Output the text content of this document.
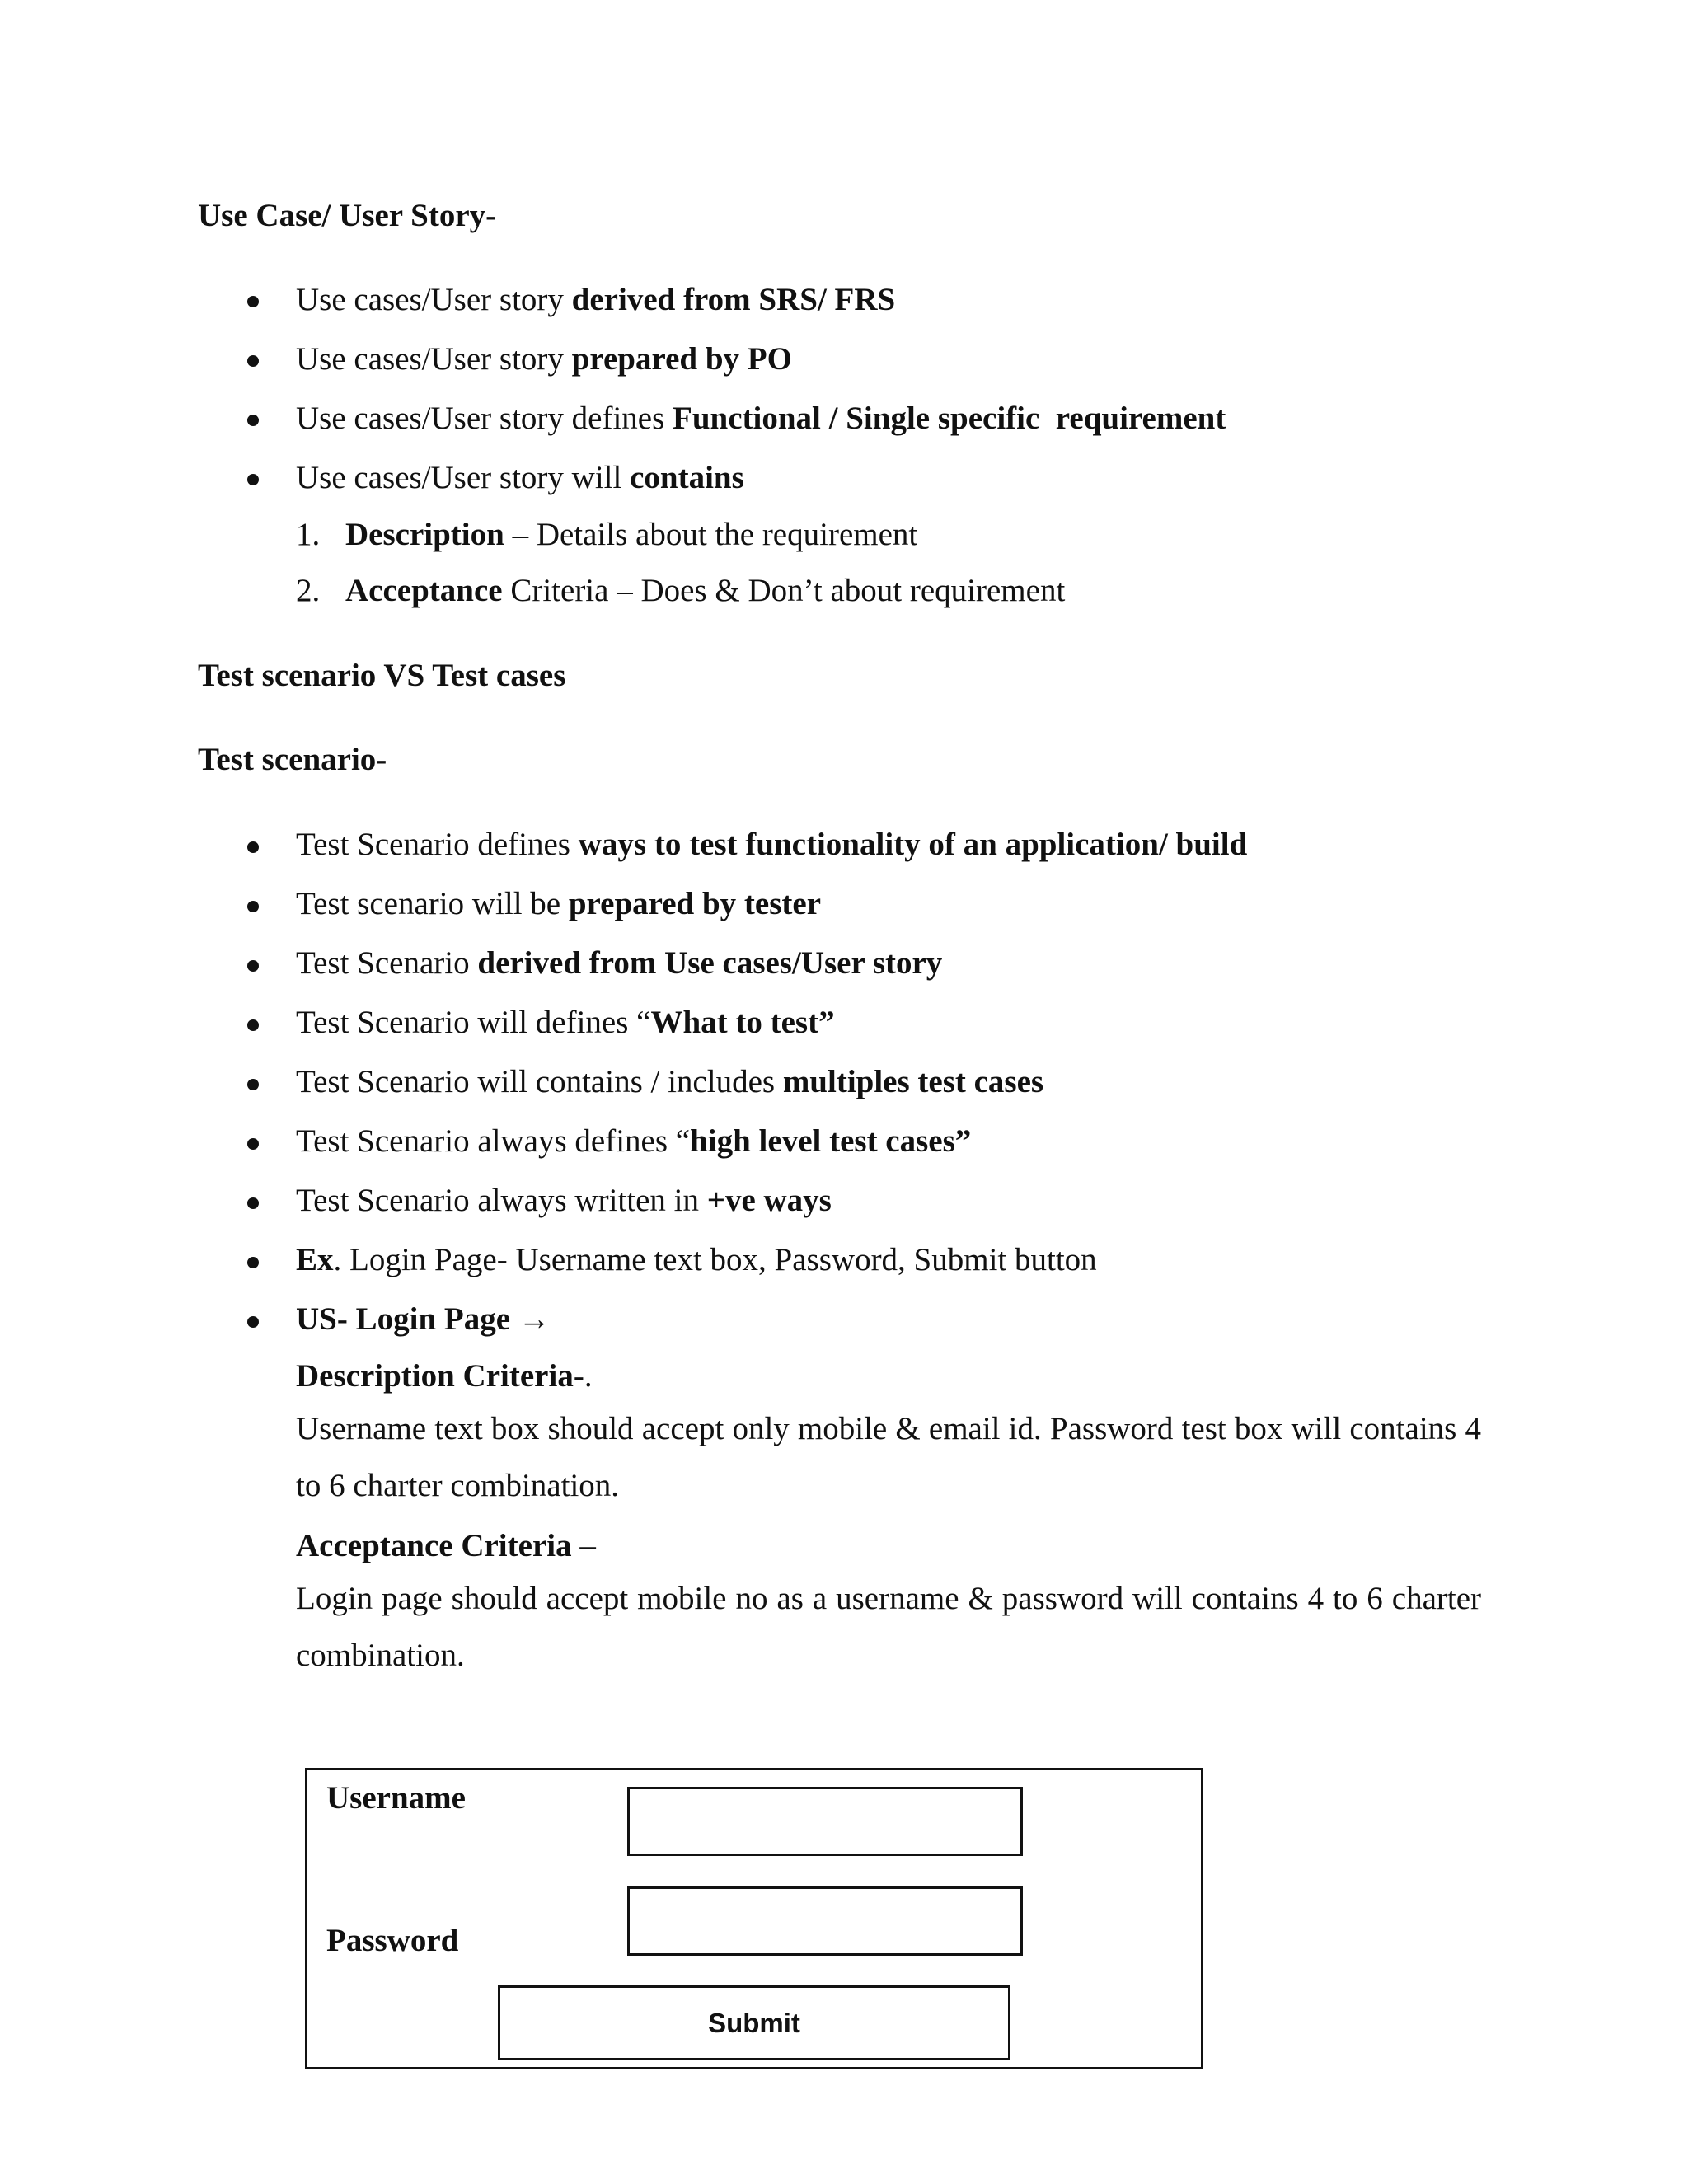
Use Case/ User Story-
Use cases/User story derived from SRS/ FRS
Use cases/User story prepared by PO
Use cases/User story defines Functional / Single specific  requirement
Use cases/User story will contains
1. Description – Details about the requirement
2. Acceptance Criteria – Does & Don’t about requirement
Test scenario VS Test cases
Test scenario-
Test Scenario defines ways to test functionality of an application/ build
Test scenario will be prepared by tester
Test Scenario derived from Use cases/User story
Test Scenario will defines “What to test”
Test Scenario will contains / includes multiples test cases
Test Scenario always defines “high level test cases”
Test Scenario always written in +ve ways
Ex. Login Page- Username text box, Password, Submit button
US- Login Page →
Description Criteria-.
Username text box should accept only mobile & email id. Password test box will contains 4 to 6 charter combination.
Acceptance Criteria –
Login page should accept mobile no as a username & password will contains 4 to 6 charter combination.
Username
Password
Submit
